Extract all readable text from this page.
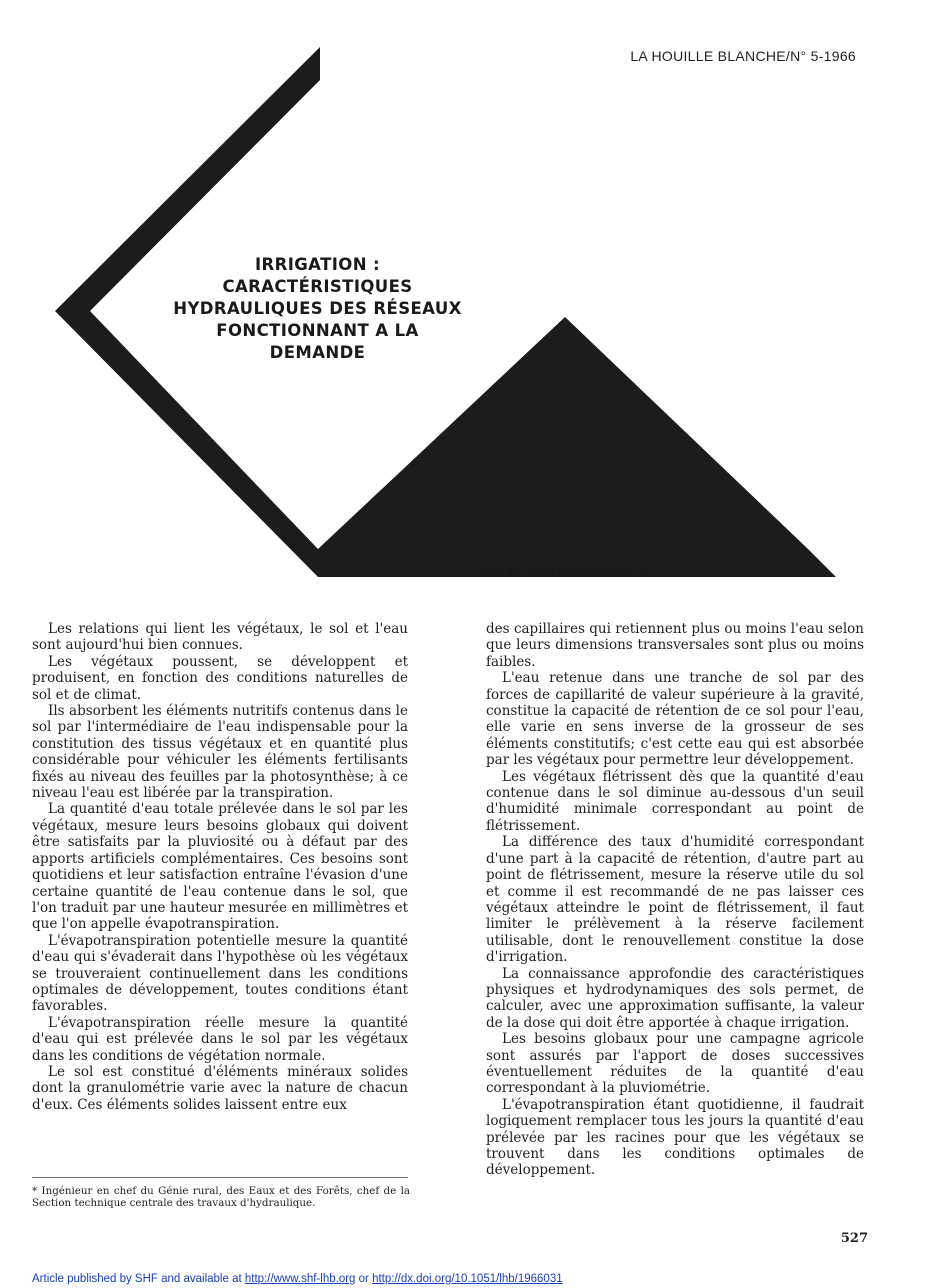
LA HOUILLE BLANCHE/N° 5-1966
IRRIGATION :
CARACTÉRISTIQUES
HYDRAULIQUES DES RÉSEAUX
FONCTIONNANT A LA
DEMANDE
PAR R. CARBONNIÈRES *

Les relations qui lient les végétaux, le sol et l'eau sont aujourd'hui bien connues.

Les végétaux poussent, se développent et produisent, en fonction des conditions naturelles de sol et de climat.

Ils absorbent les éléments nutritifs contenus dans le sol par l'intermédiaire de l'eau indispensable pour la constitution des tissus végétaux et en quantité plus considérable pour véhiculer les éléments fertilisants fixés au niveau des feuilles par la photosynthèse; à ce niveau l'eau est libérée par la transpiration.

La quantité d'eau totale prélevée dans le sol par les végétaux, mesure leurs besoins globaux qui doivent être satisfaits par la pluviosité ou à défaut par des apports artificiels complémentaires. Ces besoins sont quotidiens et leur satisfaction entraîne l'évasion d'une certaine quantité de l'eau contenue dans le sol, que l'on traduit par une hauteur mesurée en millimètres et que l'on appelle évapotranspiration.

L'évapotranspiration potentielle mesure la quantité d'eau qui s'évaderait dans l'hypothèse où les végétaux se trouveraient continuellement dans les conditions optimales de développement, toutes conditions étant favorables.

L'évapotranspiration réelle mesure la quantité d'eau qui est prélevée dans le sol par les végétaux dans les conditions de végétation normale.

Le sol est constitué d'éléments minéraux solides dont la granulométrie varie avec la nature de chacun d'eux. Ces éléments solides laissent entre eux

des capillaires qui retiennent plus ou moins l'eau selon que leurs dimensions transversales sont plus ou moins faibles.

L'eau retenue dans une tranche de sol par des forces de capillarité de valeur supérieure à la gravité, constitue la capacité de rétention de ce sol pour l'eau, elle varie en sens inverse de la grosseur de ses éléments constitutifs; c'est cette eau qui est absorbée par les végétaux pour permettre leur développement.

Les végétaux flétrissent dès que la quantité d'eau contenue dans le sol diminue au-dessous d'un seuil d'humidité minimale correspondant au point de flétrissement.

La différence des taux d'humidité correspondant d'une part à la capacité de rétention, d'autre part au point de flétrissement, mesure la réserve utile du sol et comme il est recommandé de ne pas laisser ces végétaux atteindre le point de flétrissement, il faut limiter le prélèvement à la réserve facilement utilisable, dont le renouvellement constitue la dose d'irrigation.

La connaissance approfondie des caractéristiques physiques et hydrodynamiques des sols permet, de calculer, avec une approximation suffisante, la valeur de la dose qui doit être apportée à chaque irrigation.

Les besoins globaux pour une campagne agricole sont assurés par l'apport de doses successives éventuellement réduites de la quantité d'eau correspondant à la pluviométrie.

L'évapotranspiration étant quotidienne, il faudrait logiquement remplacer tous les jours la quantité d'eau prélevée par les racines pour que les végétaux se trouvent dans les conditions optimales de développement.

* Ingénieur en chef du Génie rural, des Eaux et des Forêts, chef de la Section technique centrale des travaux d'hydraulique.
527
Article published by SHF and available at http://www.shf-lhb.org or http://dx.doi.org/10.1051/lhb/1966031
